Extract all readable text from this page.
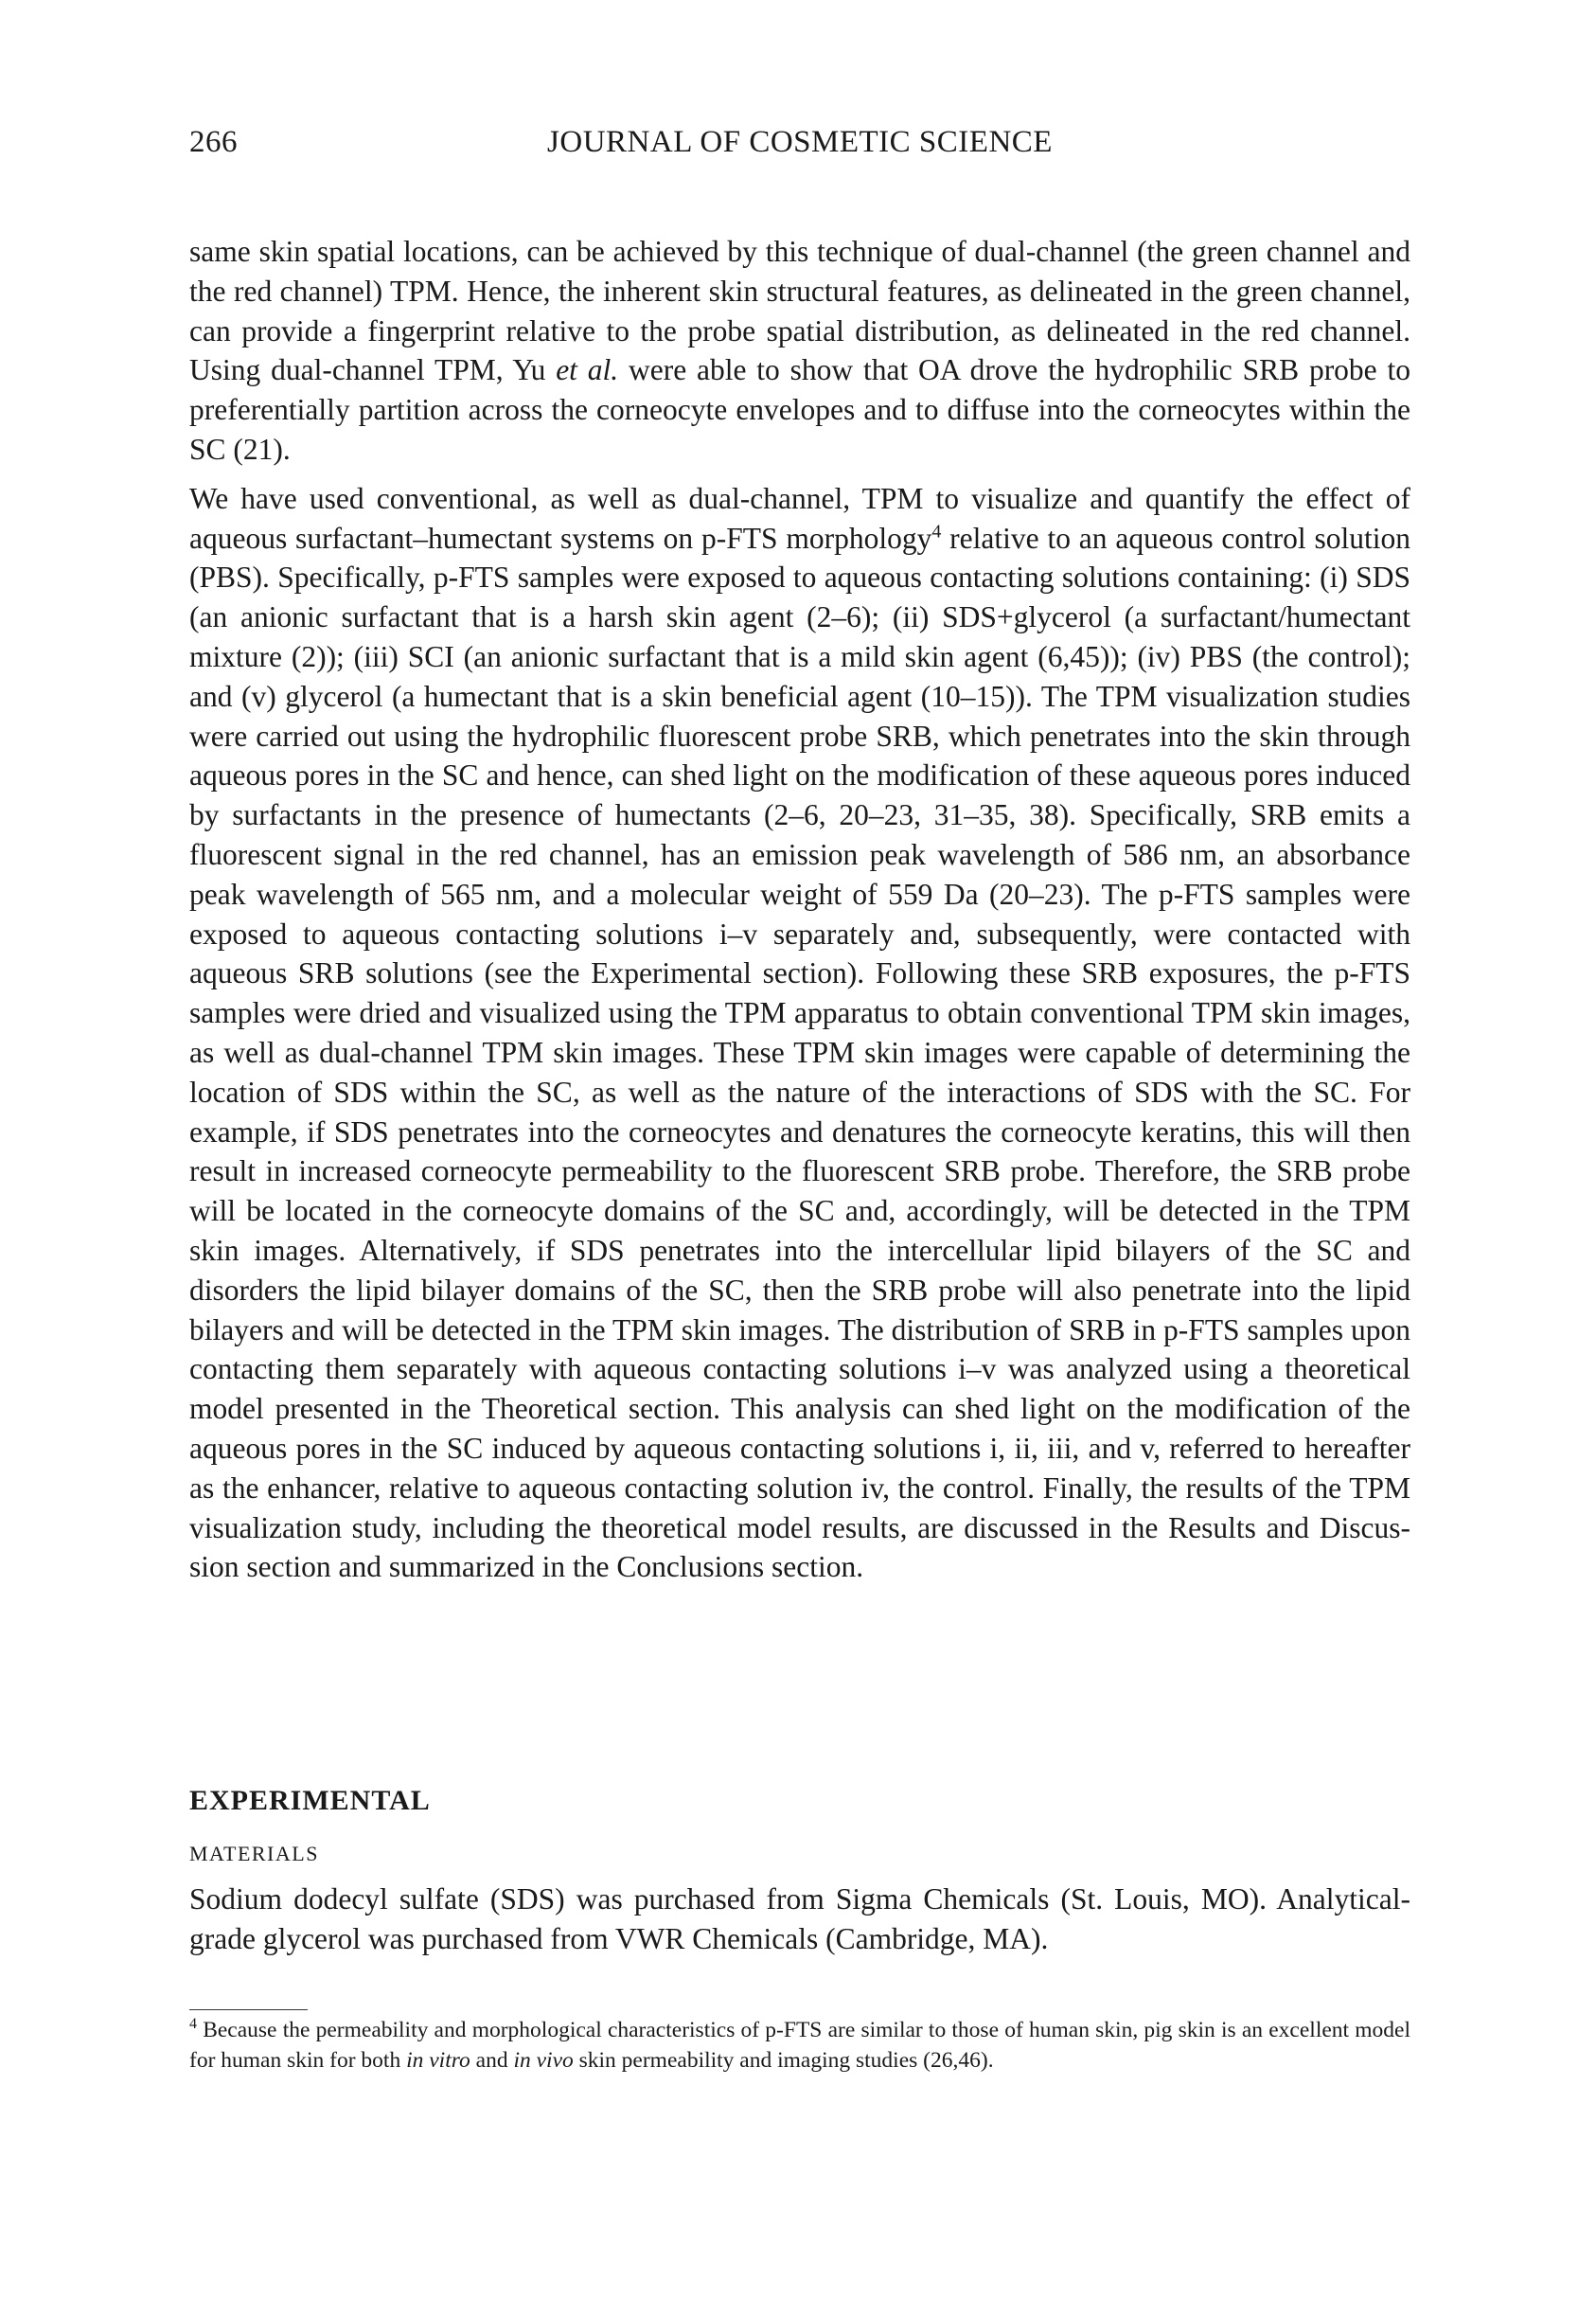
266	JOURNAL OF COSMETIC SCIENCE

same skin spatial locations, can be achieved by this technique of dual-channel (the green channel and the red channel) TPM. Hence, the inherent skin structural features, as delineated in the green channel, can provide a fingerprint relative to the probe spatial distribution, as delineated in the red channel. Using dual-channel TPM, Yu et al. were able to show that OA drove the hydrophilic SRB probe to preferentially partition across the corneocyte envelopes and to diffuse into the corneocytes within the SC (21).

We have used conventional, as well as dual-channel, TPM to visualize and quantify the effect of aqueous surfactant–humectant systems on p-FTS morphology$^4$ relative to an aqueous control solution (PBS). Specifically, p-FTS samples were exposed to aqueous contacting solutions containing: (i) SDS (an anionic surfactant that is a harsh skin agent (2–6); (ii) SDS+glycerol (a surfactant/humectant mixture (2)); (iii) SCI (an anionic surfactant that is a mild skin agent (6,45)); (iv) PBS (the control); and (v) glycerol (a humectant that is a skin beneficial agent (10–15)). The TPM visualization studies were carried out using the hydrophilic fluorescent probe SRB, which penetrates into the skin through aqueous pores in the SC and hence, can shed light on the modification of these aqueous pores induced by surfactants in the presence of humectants (2–6, 20–23, 31–35, 38). Specifically, SRB emits a fluorescent signal in the red channel, has an emission peak wavelength of 586 nm, an absorbance peak wavelength of 565 nm, and a molecular weight of 559 Da (20–23). The p-FTS samples were exposed to aqueous contacting solutions i–v separately and, subsequently, were contacted with aqueous SRB solutions (see the Experimental section). Following these SRB exposures, the p-FTS samples were dried and visualized using the TPM apparatus to obtain conventional TPM skin images, as well as dual-channel TPM skin images. These TPM skin images were capable of determining the location of SDS within the SC, as well as the nature of the interactions of SDS with the SC. For example, if SDS penetrates into the corneocytes and denatures the corneocyte keratins, this will then result in increased corneocyte permeability to the fluorescent SRB probe. Therefore, the SRB probe will be located in the corneocyte domains of the SC and, accordingly, will be detected in the TPM skin images. Alternatively, if SDS penetrates into the intercellular lipid bilayers of the SC and disorders the lipid bilayer domains of the SC, then the SRB probe will also penetrate into the lipid bilayers and will be detected in the TPM skin images. The distribution of SRB in p-FTS samples upon contacting them separately with aqueous contacting solutions i–v was analyzed using a theoretical model presented in the Theoretical section. This analysis can shed light on the modification of the aqueous pores in the SC induced by aqueous contacting solutions i, ii, iii, and v, referred to hereafter as the enhancer, relative to aqueous contacting solution iv, the control. Finally, the results of the TPM visualization study, including the theoretical model results, are discussed in the Results and Discussion section and summarized in the Conclusions section.

EXPERIMENTAL
MATERIALS

Sodium dodecyl sulfate (SDS) was purchased from Sigma Chemicals (St. Louis, MO). Analytical-grade glycerol was purchased from VWR Chemicals (Cambridge, MA).

$^4$ Because the permeability and morphological characteristics of p-FTS are similar to those of human skin, pig skin is an excellent model for human skin for both in vitro and in vivo skin permeability and imaging studies (26,46).
